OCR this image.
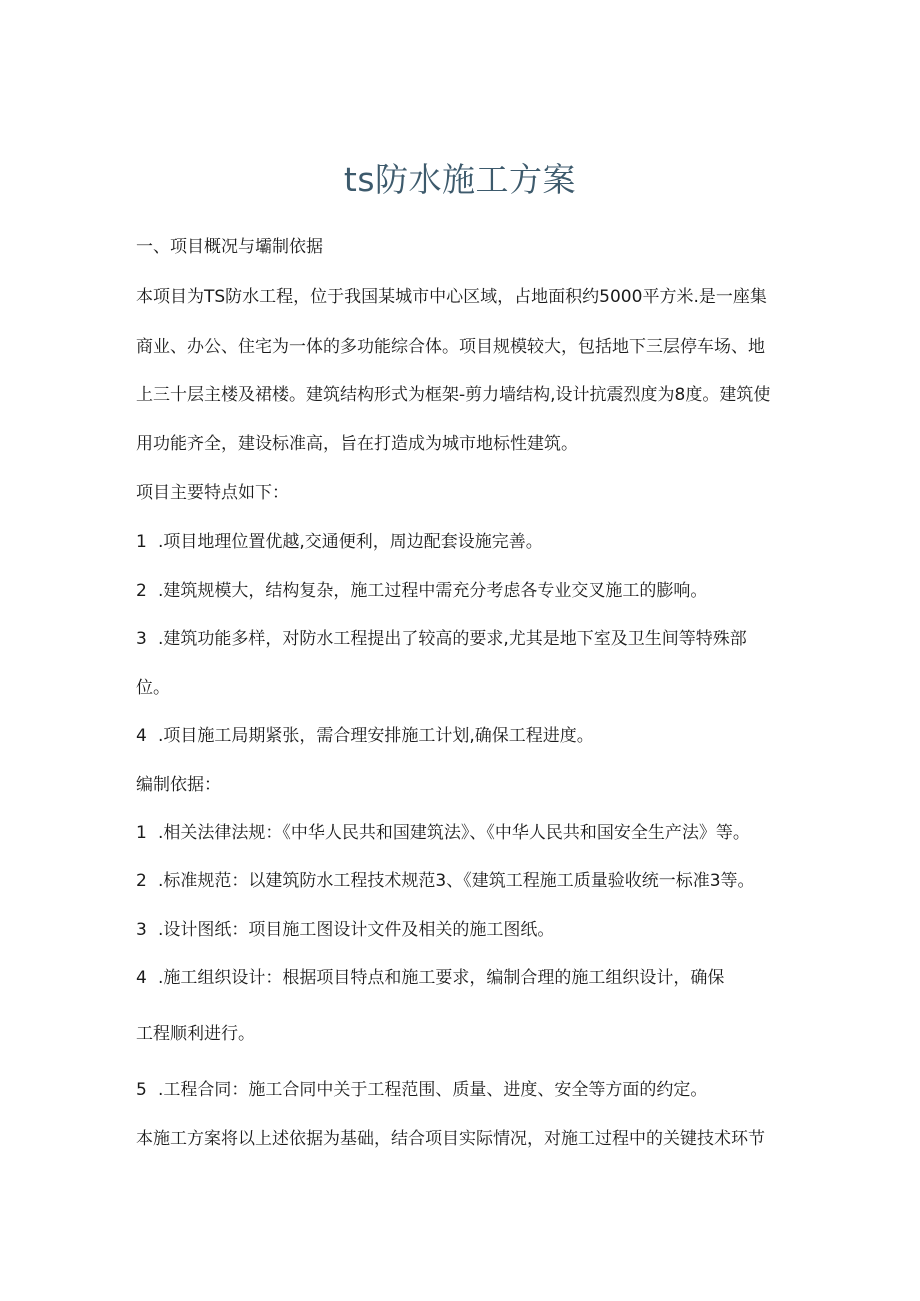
ts防水施工方案
一、项目概况与壩制依据
本项目为TS防水工程，位于我国某城市中心区域，占地面积约5000平方米.是一座集
商业、办公、住宅为一体的多功能综合体。项目规模较大，包括地下三层停车场、地
上三十层主楼及裙楼。建筑结构形式为框架-剪力墙结构,设计抗震烈度为8度。建筑使
用功能齐全，建设标准高，旨在打造成为城市地标性建筑。
项目主要特点如下：
1 .项目地理位置优越,交通便利，周边配套设施完善。
2 .建筑规模大，结构复杂，施工过程中需充分考虑各专业交叉施工的膨响。
3 .建筑功能多样，对防水工程提出了较高的要求,尤其是地下室及卫生间等特殊部
位。
4 .项目施工局期紧张，需合理安排施工计划,确保工程进度。
编制依据：
1 .相关法律法规：《中华人民共和国建筑法》、《中华人民共和国安全生产法》等。
2 .标准规范：以建筑防水工程技术规范3、《建筑工程施工质量验收统一标准3等。
3 .设计图纸：项目施工图设计文件及相关的施工图纸。
4 .施工组织设计：根据项目特点和施工要求，编制合理的施工组织设计，确保
工程顺利进行。
5 .工程合同：施工合同中关于工程范围、质量、进度、安全等方面的约定。
本施工方案将以上述依据为基础，结合项目实际情况，对施工过程中的关键技术环节
